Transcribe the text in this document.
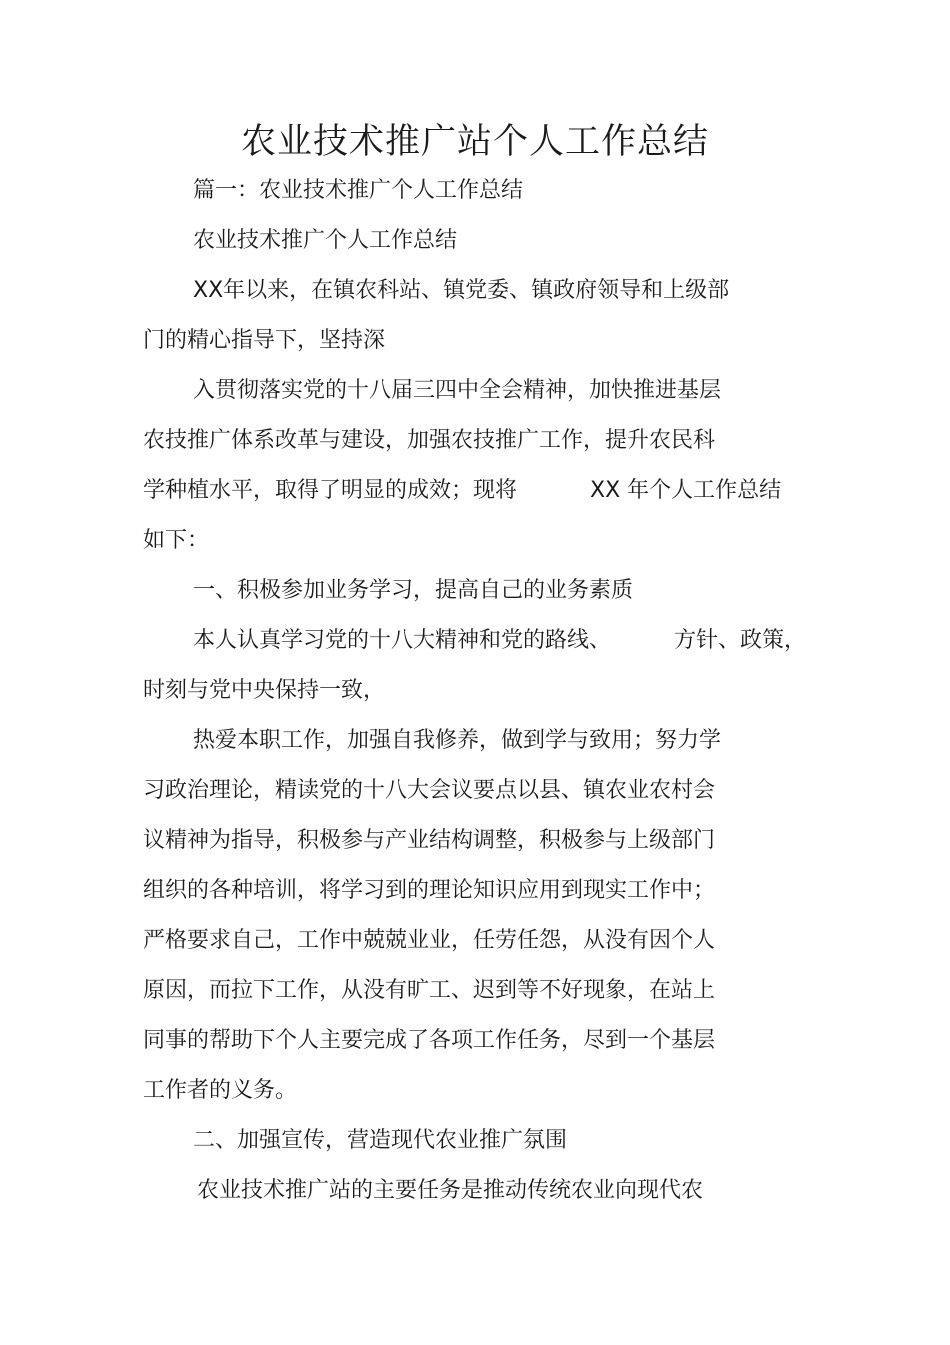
农业技术推广站个人工作总结
篇一：农业技术推广个人工作总结
农业技术推广个人工作总结
XX年以来，在镇农科站、镇党委、镇政府领导和上级部
门的精心指导下，坚持深
入贯彻落实党的十八届三四中全会精神，加快推进基层
农技推广体系改革与建设，加强农技推广工作，提升农民科
学种植水平，取得了明显的成效；现将	XX 年个人工作总结
如下：
一、积极参加业务学习，提高自己的业务素质
本人认真学习党的十八大精神和党的路线、	方针、政策，
时刻与党中央保持一致，
热爱本职工作，加强自我修养，做到学与致用；努力学
习政治理论，精读党的十八大会议要点以县、镇农业农村会
议精神为指导，积极参与产业结构调整，积极参与上级部门
组织的各种培训，将学习到的理论知识应用到现实工作中；
严格要求自己，工作中兢兢业业，任劳任怨，从没有因个人
原因，而拉下工作，从没有旷工、迟到等不好现象，在站上
同事的帮助下个人主要完成了各项工作任务，尽到一个基层
工作者的义务。
二、加强宣传，营造现代农业推广氛围
农业技术推广站的主要任务是推动传统农业向现代农
